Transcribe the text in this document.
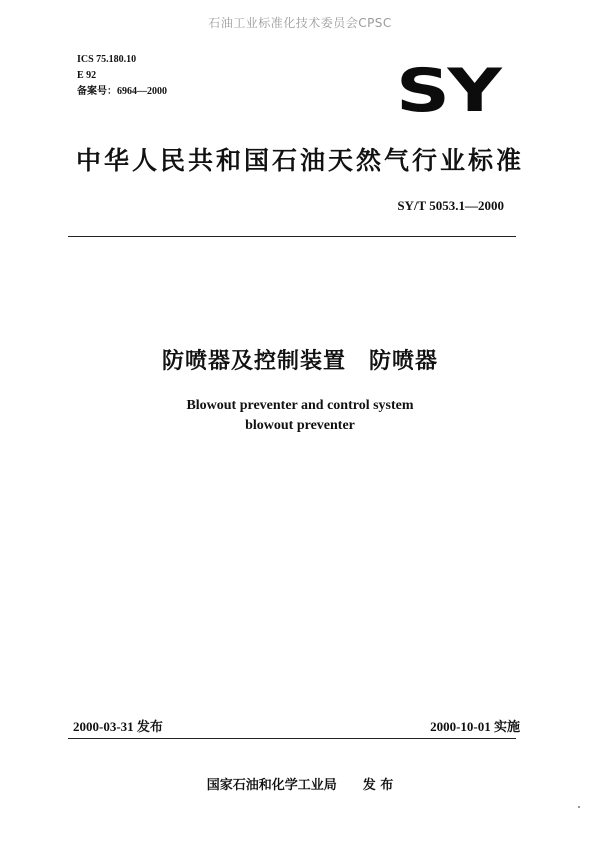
石油工业标准化技术委员会CPSC
ICS 75.180.10
E 92
备案号：6964—2000	SY
中华人民共和国石油天然气行业标准
SY/T 5053.1—2000
防喷器及控制装置　防喷器
Blowout preventer and control system
blowout preventer
2000-03-31 发布	2000-10-01 实施
国家石油和化学工业局　　发 布
